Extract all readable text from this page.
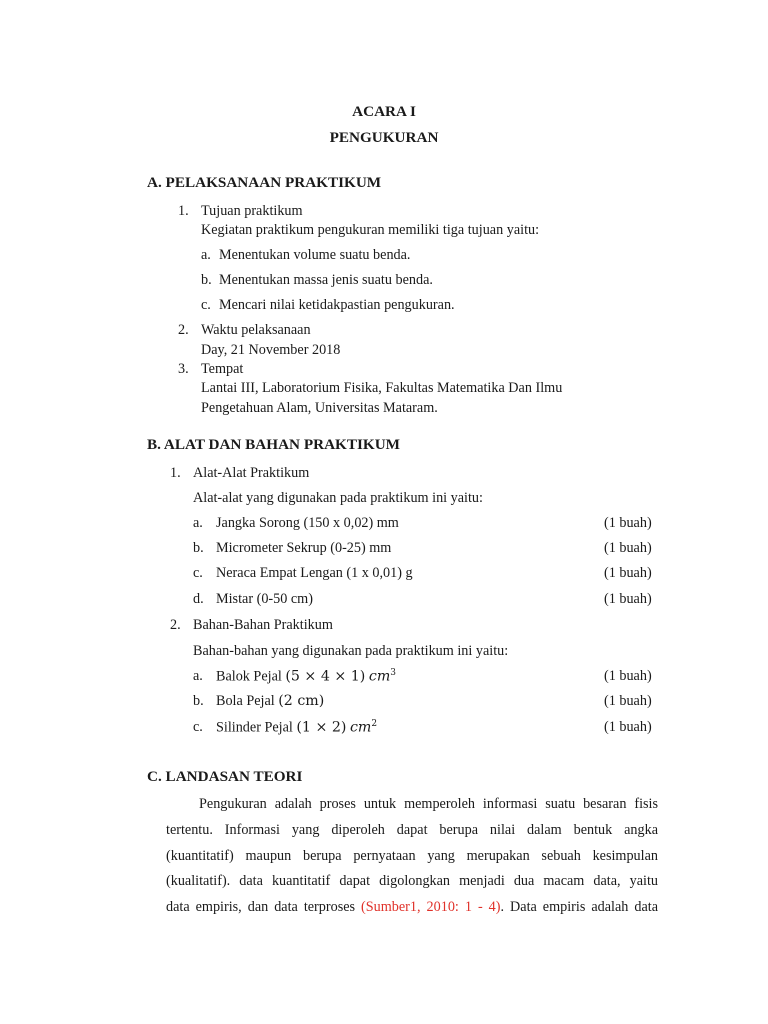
ACARA I
PENGUKURAN
A. PELAKSANAAN PRAKTIKUM
1. Tujuan praktikum
Kegiatan praktikum pengukuran memiliki tiga tujuan yaitu:
a. Menentukan volume suatu benda.
b. Menentukan massa jenis suatu benda.
c. Mencari nilai ketidakpastian pengukuran.
2. Waktu pelaksanaan
Day, 21 November 2018
3. Tempat
Lantai III, Laboratorium Fisika, Fakultas Matematika Dan Ilmu
Pengetahuan Alam, Universitas Mataram.
B. ALAT DAN BAHAN PRAKTIKUM
1. Alat-Alat Praktikum
Alat-alat yang digunakan pada praktikum ini yaitu:
a. Jangka Sorong (150 x 0,02) mm	(1 buah)
b. Micrometer Sekrup (0-25) mm	(1 buah)
c. Neraca Empat Lengan (1 x 0,01) g	(1 buah)
d. Mistar (0-50 cm)	(1 buah)
2. Bahan-Bahan Praktikum
Bahan-bahan yang digunakan pada praktikum ini yaitu:
a. Balok Pejal (5 × 4 × 1) $cm^3$	(1 buah)
b. Bola Pejal (2 cm)	(1 buah)
c. Silinder Pejal (1 × 2) $cm^2$	(1 buah)
C. LANDASAN TEORI
Pengukuran adalah proses untuk memperoleh informasi suatu besaran fisis
tertentu. Informasi yang diperoleh dapat berupa nilai dalam bentuk angka
(kuantitatif) maupun berupa pernyataan yang merupakan sebuah kesimpulan
(kualitatif). data kuantitatif dapat digolongkan menjadi dua macam data, yaitu
data empiris, dan data terproses (Sumber1, 2010: 1 - 4). Data empiris adalah data
